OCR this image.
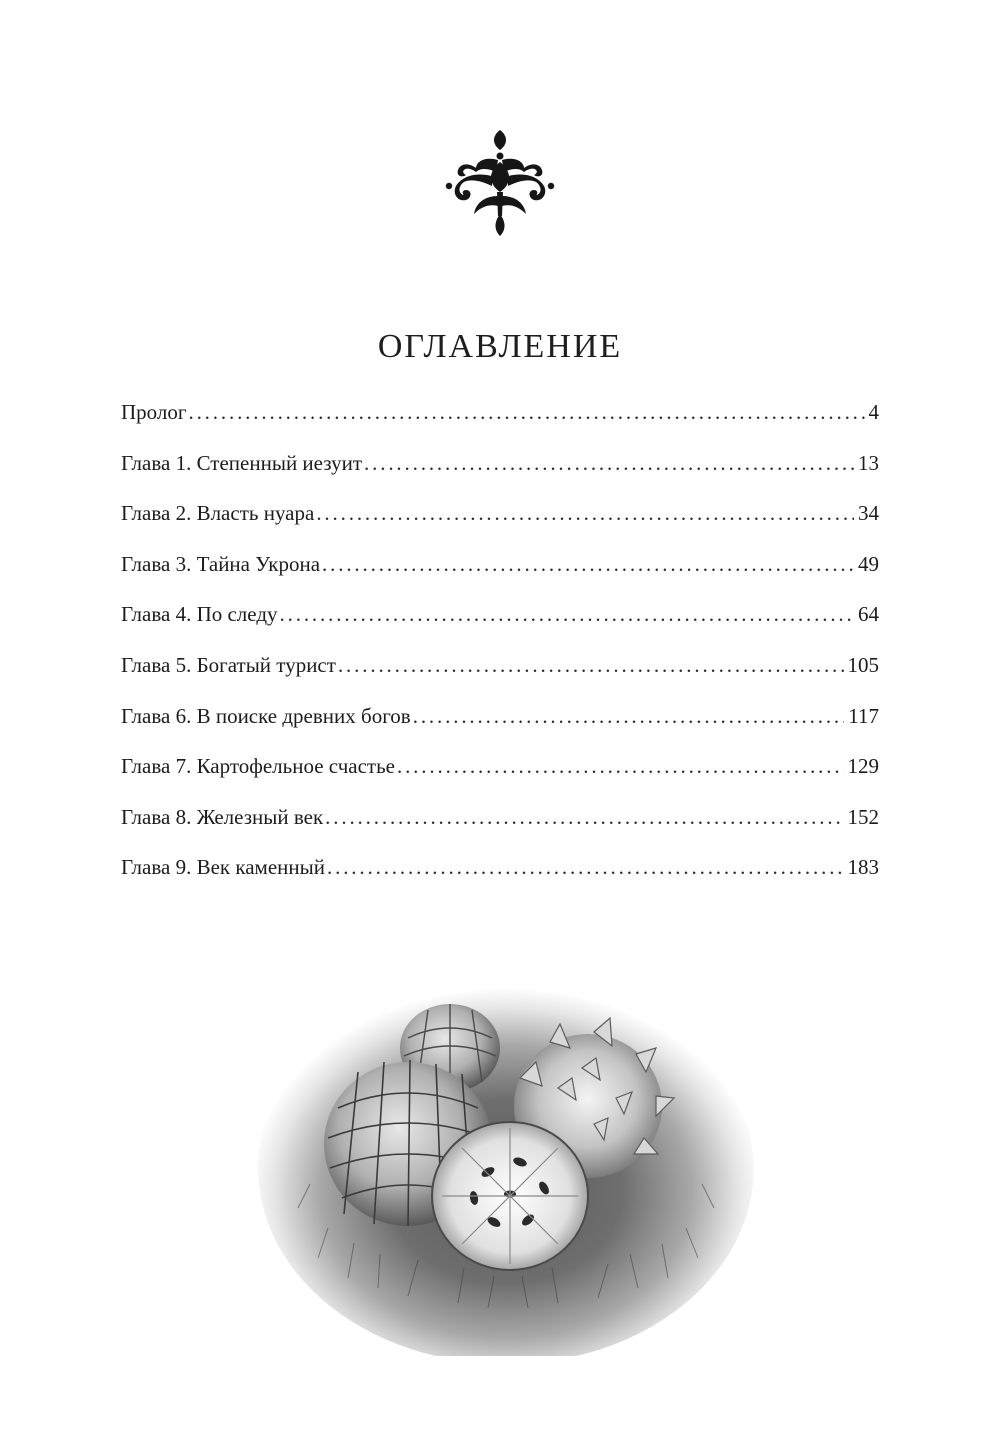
ОГЛАВЛЕНИЕ
Пролог . . .	4
Глава 1. Степенный иезуит . . .	13
Глава 2. Власть нуара . . .	34
Глава 3. Тайна Укрона . . .	49
Глава 4. По следу . . .	64
Глава 5. Богатый турист . . .	105
Глава 6. В поиске древних богов . . .	117
Глава 7. Картофельное счастье . . .	129
Глава 8. Железный век . . .	152
Глава 9. Век каменный . . .	183
